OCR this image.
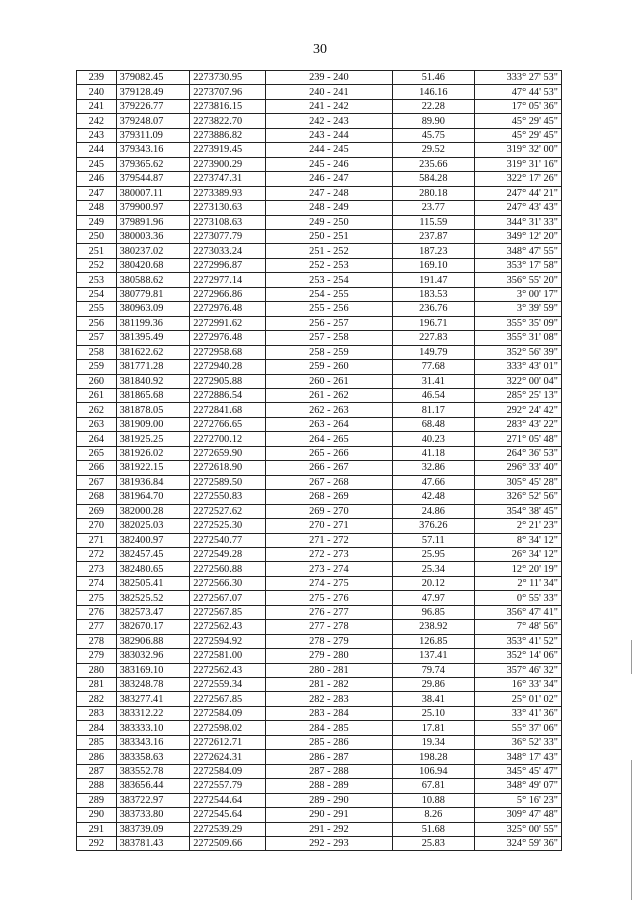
30
239	379082.45	2273730.95	239 - 240	51.46	333° 27' 53"
240	379128.49	2273707.96	240 - 241	146.16	47° 44' 53"
241	379226.77	2273816.15	241 - 242	22.28	17° 05' 36"
242	379248.07	2273822.70	242 - 243	89.90	45° 29' 45"
243	379311.09	2273886.82	243 - 244	45.75	45° 29' 45"
244	379343.16	2273919.45	244 - 245	29.52	319° 32' 00"
245	379365.62	2273900.29	245 - 246	235.66	319° 31' 16"
246	379544.87	2273747.31	246 - 247	584.28	322° 17' 26"
247	380007.11	2273389.93	247 - 248	280.18	247° 44' 21"
248	379900.97	2273130.63	248 - 249	23.77	247° 43' 43"
249	379891.96	2273108.63	249 - 250	115.59	344° 31' 33"
250	380003.36	2273077.79	250 - 251	237.87	349° 12' 20"
251	380237.02	2273033.24	251 - 252	187.23	348° 47' 55"
252	380420.68	2272996.87	252 - 253	169.10	353° 17' 58"
253	380588.62	2272977.14	253 - 254	191.47	356° 55' 20"
254	380779.81	2272966.86	254 - 255	183.53	3° 00' 17"
255	380963.09	2272976.48	255 - 256	236.76	3° 39' 59"
256	381199.36	2272991.62	256 - 257	196.71	355° 35' 09"
257	381395.49	2272976.48	257 - 258	227.83	355° 31' 08"
258	381622.62	2272958.68	258 - 259	149.79	352° 56' 39"
259	381771.28	2272940.28	259 - 260	77.68	333° 43' 01"
260	381840.92	2272905.88	260 - 261	31.41	322° 00' 04"
261	381865.68	2272886.54	261 - 262	46.54	285° 25' 13"
262	381878.05	2272841.68	262 - 263	81.17	292° 24' 42"
263	381909.00	2272766.65	263 - 264	68.48	283° 43' 22"
264	381925.25	2272700.12	264 - 265	40.23	271° 05' 48"
265	381926.02	2272659.90	265 - 266	41.18	264° 36' 53"
266	381922.15	2272618.90	266 - 267	32.86	296° 33' 40"
267	381936.84	2272589.50	267 - 268	47.66	305° 45' 28"
268	381964.70	2272550.83	268 - 269	42.48	326° 52' 56"
269	382000.28	2272527.62	269 - 270	24.86	354° 38' 45"
270	382025.03	2272525.30	270 - 271	376.26	2° 21' 23"
271	382400.97	2272540.77	271 - 272	57.11	8° 34' 12"
272	382457.45	2272549.28	272 - 273	25.95	26° 34' 12"
273	382480.65	2272560.88	273 - 274	25.34	12° 20' 19"
274	382505.41	2272566.30	274 - 275	20.12	2° 11' 34"
275	382525.52	2272567.07	275 - 276	47.97	0° 55' 33"
276	382573.47	2272567.85	276 - 277	96.85	356° 47' 41"
277	382670.17	2272562.43	277 - 278	238.92	7° 48' 56"
278	382906.88	2272594.92	278 - 279	126.85	353° 41' 52"
279	383032.96	2272581.00	279 - 280	137.41	352° 14' 06"
280	383169.10	2272562.43	280 - 281	79.74	357° 46' 32"
281	383248.78	2272559.34	281 - 282	29.86	16° 33' 34"
282	383277.41	2272567.85	282 - 283	38.41	25° 01' 02"
283	383312.22	2272584.09	283 - 284	25.10	33° 41' 36"
284	383333.10	2272598.02	284 - 285	17.81	55° 37' 06"
285	383343.16	2272612.71	285 - 286	19.34	36° 52' 33"
286	383358.63	2272624.31	286 - 287	198.28	348° 17' 43"
287	383552.78	2272584.09	287 - 288	106.94	345° 45' 47"
288	383656.44	2272557.79	288 - 289	67.81	348° 49' 07"
289	383722.97	2272544.64	289 - 290	10.88	5° 16' 23"
290	383733.80	2272545.64	290 - 291	8.26	309° 47' 48"
291	383739.09	2272539.29	291 - 292	51.68	325° 00' 55"
292	383781.43	2272509.66	292 - 293	25.83	324° 59' 36"
